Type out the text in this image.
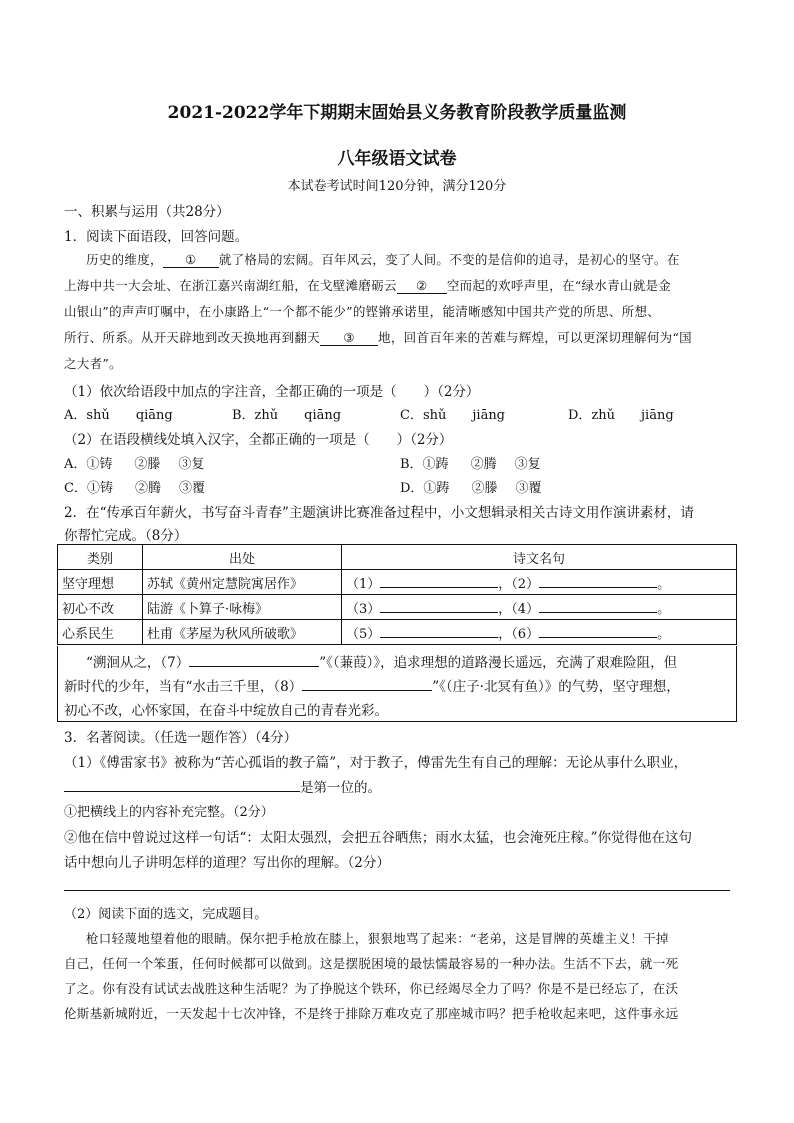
2021-2022学年下期期末固始县义务教育阶段教学质量监测
八年级语文试卷
本试卷考试时间120分钟，满分120分
一、积累与运用（共28分）
1．阅读下面语段，回答问题。
历史的维度， ① 就了格局的宏阔。百年风云，变了人间。不变的是信仰的追寻，是初心的坚守。在
上海中共一大会址、在浙江嘉兴南湖红船，在戈壁滩磨砺云 ② 空而起的欢呼声里，在“绿水青山就是金
山银山”的声声叮嘱中，在小康路上“一个都不能少”的铿锵承诺里，能清晰感知中国共产党的所思、所想、
所行、所系。从开天辟地到改天换地再到翻天 ③ 地，回首百年来的苦难与辉煌，可以更深切理解何为“国
之大者”。
（1）依次给语段中加点的字注音，全都正确的一项是（　　）（2分）
A．shǔ qiāng	B．zhǔ qiāng	C．shǔ jiāng	D．zhǔ jiāng
（2）在语段横线处填入汉字，全都正确的一项是（　　）（2分）
A．①铸 ②滕 ③复	B．①踌 ②腾 ③复
C．①铸 ②腾 ③覆	D．①踌 ②滕 ③覆
2．在“传承百年薪火，书写奋斗青春”主题演讲比赛准备过程中，小文想辑录相关古诗文用作演讲素材，请
你帮忙完成。（8分）
类别	出处	诗文名句
坚守理想	苏轼《黄州定慧院寓居作》	（1） ，（2） 。
初心不改	陆游《卜算子·咏梅》	（3） ，（4） 。
心系民生	杜甫《茅屋为秋风所破歌》	（5） ，（6） 。
“溯洄从之，（7）	”《（蒹葭）》，追求理想的道路漫长遥远，充满了艰难险阻，但
新时代的少年，当有“水击三千里，（8）	”《（庄子·北冥有鱼）》的气势，坚守理想，
初心不改，心怀家国，在奋斗中绽放自己的青春光彩。
3．名著阅读。（任选一题作答）（4分）
（1）《傅雷家书》被称为“苦心孤诣的教子篇”，对于教子，傅雷先生有自己的理解：无论从事什么职业，
是第一位的。
①把横线上的内容补充完整。（2分）
②他在信中曾说过这样一句话“：太阳太强烈，会把五谷晒焦；雨水太猛，也会淹死庄稼。”你觉得他在这句
话中想向儿子讲明怎样的道理？写出你的理解。（2分）
（2）阅读下面的选文，完成题目。
枪口轻蔑地望着他的眼睛。保尔把手枪放在膝上，狠狠地骂了起来：“老弟，这是冒牌的英雄主义！干掉
自己，任何一个笨蛋，任何时候都可以做到。这是摆脱困境的最怯懦最容易的一种办法。生活不下去，就一死
了之。你有没有试试去战胜这种生活呢？为了挣脱这个铁环，你已经竭尽全力了吗？你是不是已经忘了，在沃
伦斯基新城附近，一天发起十七次冲锋，不是终于排除万难攻克了那座城市吗？把手枪收起来吧，这件事永远
